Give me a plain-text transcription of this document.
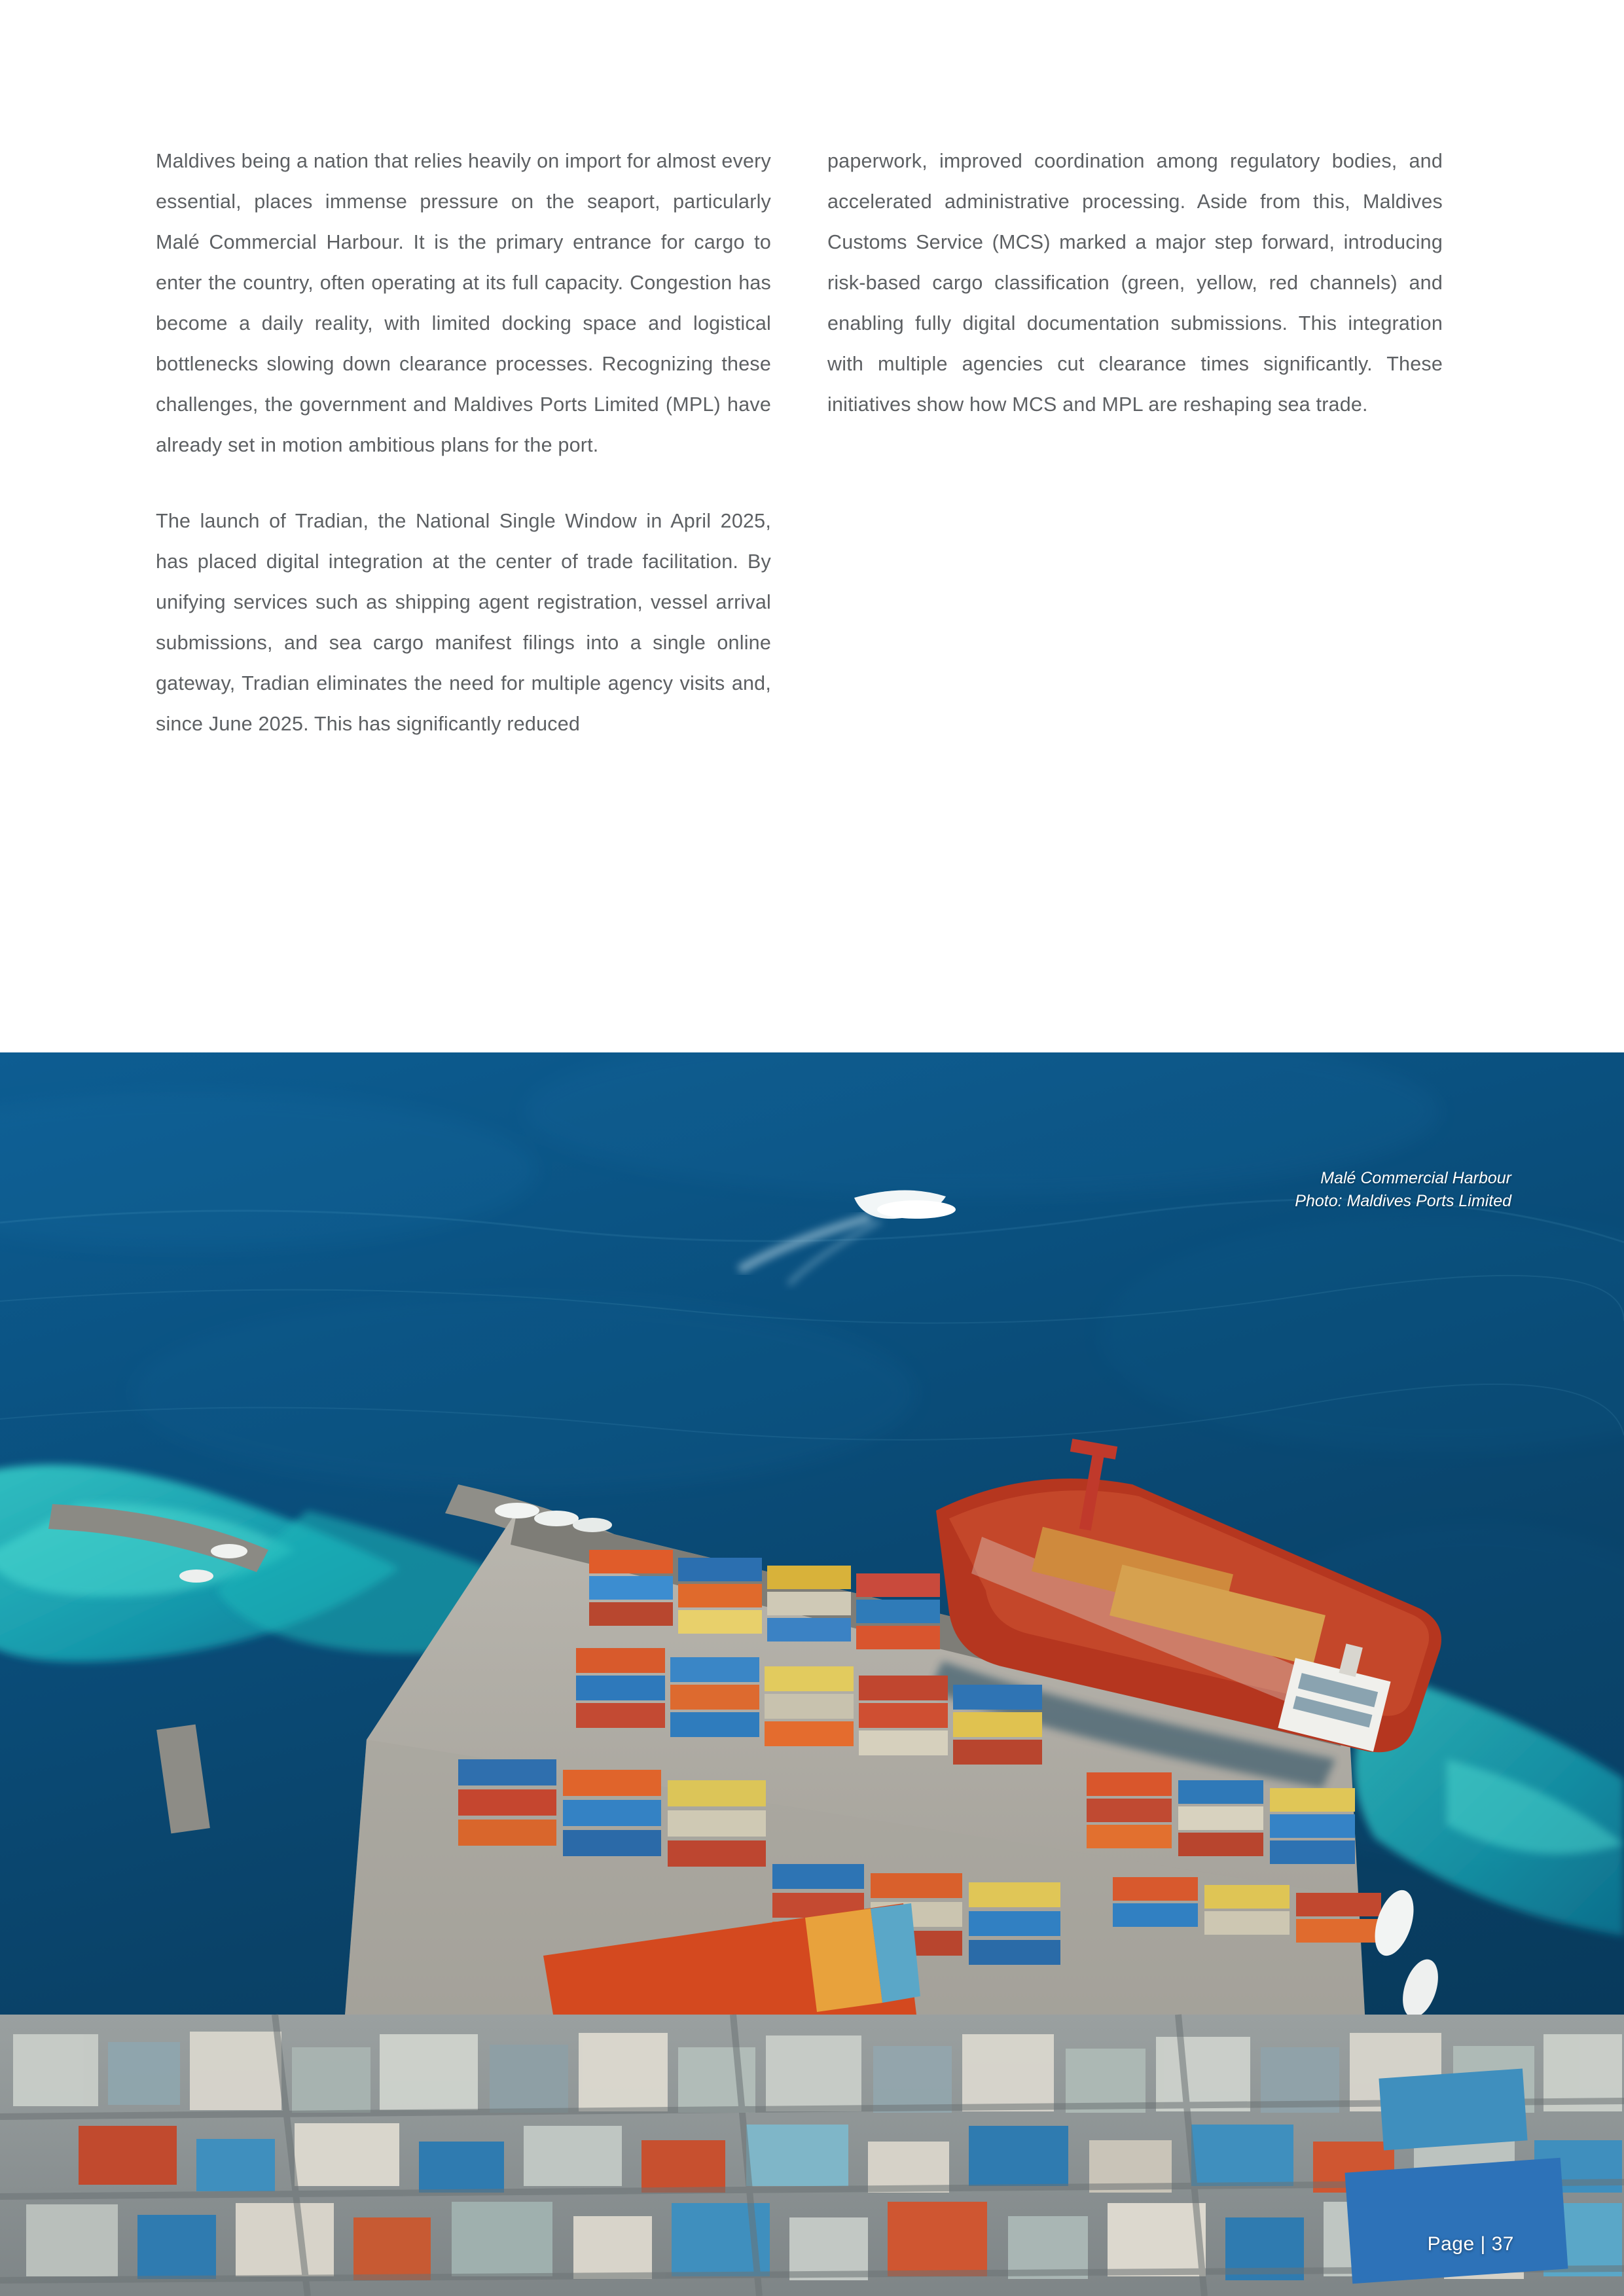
Maldives being a nation that relies heavily on import for almost every essential, places immense pressure on the seaport, particularly Malé Commercial Harbour. It is the primary entrance for cargo to enter the country, often operating at its full capacity. Congestion has become a daily reality, with limited docking space and logistical bottlenecks slowing down clearance processes. Recognizing these challenges, the government and Maldives Ports Limited (MPL) have already set in motion ambitious plans for the port.

The launch of Tradian, the National Single Window in April 2025, has placed digital integration at the center of trade facilitation. By unifying services such as shipping agent registration, vessel arrival submissions, and sea cargo manifest filings into a single online gateway, Tradian eliminates the need for multiple agency visits and, since June 2025. This has significantly reduced

paperwork, improved coordination among regulatory bodies, and accelerated administrative processing. Aside from this, Maldives Customs Service (MCS) marked a major step forward, introducing risk-based cargo classification (green, yellow, red channels) and enabling fully digital documentation submissions. This integration with multiple agencies cut clearance times significantly. These initiatives show how MCS and MPL are reshaping sea trade.

Malé Commercial Harbour
Photo: Maldives Ports Limited
Page | 37
